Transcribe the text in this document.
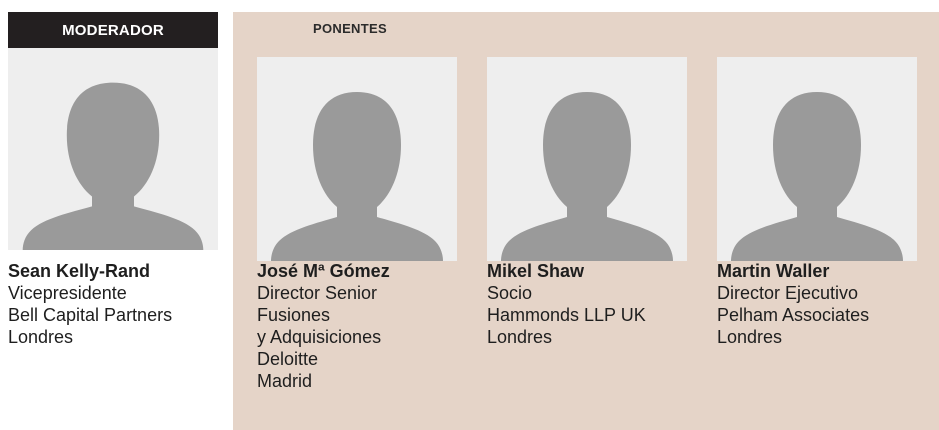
MODERADOR
Sean Kelly-Rand
Vicepresidente
Bell Capital Partners
Londres
PONENTES
José Mª Gómez
Director Senior
Fusiones
y Adquisiciones
Deloitte
Madrid
Mikel Shaw
Socio
Hammonds LLP UK
Londres
Martin Waller
Director Ejecutivo
Pelham Associates
Londres
